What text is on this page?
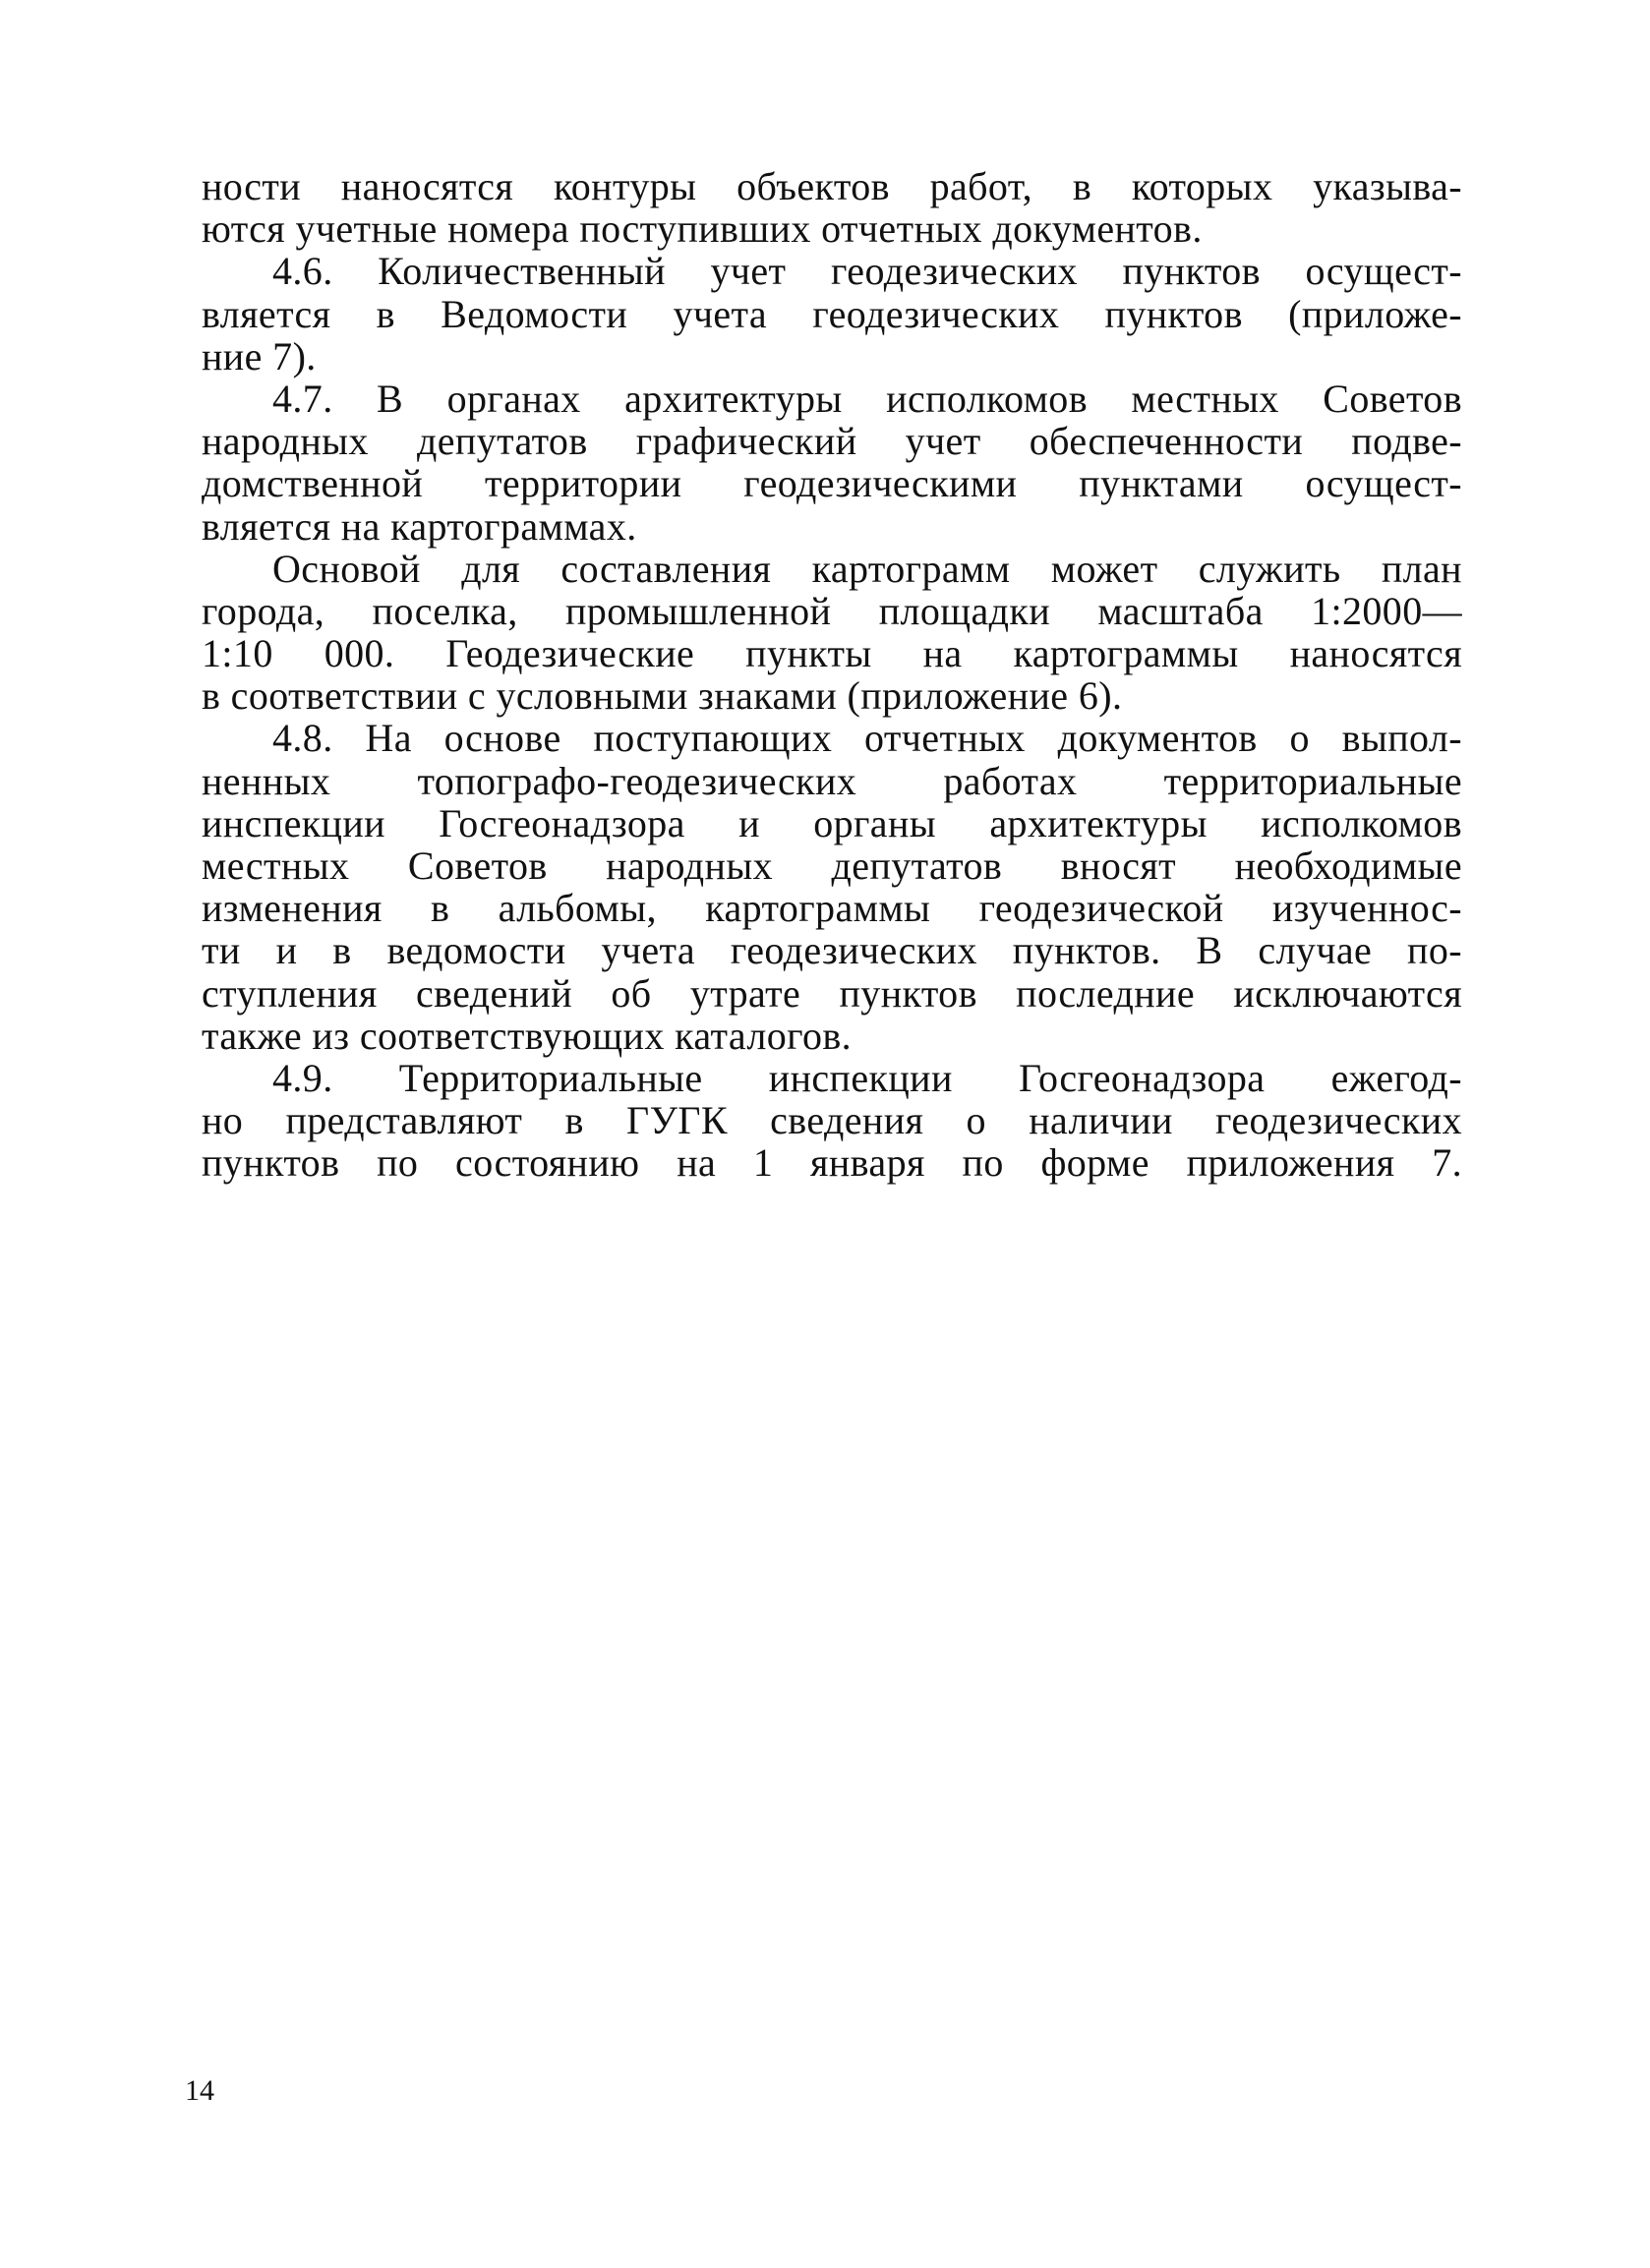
ности наносятся контуры объектов работ, в которых указыва-
ются учетные номера поступивших отчетных документов.
4.6. Количественный учет геодезических пунктов осущест-
вляется в Ведомости учета геодезических пунктов (приложе-
ние 7).
4.7. В органах архитектуры исполкомов местных Советов
народных депутатов графический учет обеспеченности подве-
домственной территории геодезическими пунктами осущест-
вляется на картограммах.
Основой для составления картограмм может служить план
города, поселка, промышленной площадки масштаба 1:2000—
1:10 000. Геодезические пункты на картограммы наносятся
в соответствии с условными знаками (приложение 6).
4.8. На основе поступающих отчетных документов о выпол-
ненных топографо-геодезических работах территориальные
инспекции Госгеонадзора и органы архитектуры исполкомов
местных Советов народных депутатов вносят необходимые
изменения в альбомы, картограммы геодезической изученнос-
ти и в ведомости учета геодезических пунктов. В случае по-
ступления сведений об утрате пунктов последние исключаются
также из соответствующих каталогов.
4.9. Территориальные инспекции Госгеонадзора ежегод-
но представляют в ГУГК сведения о наличии геодезических
пунктов по состоянию на 1 января по форме приложения 7.
14
